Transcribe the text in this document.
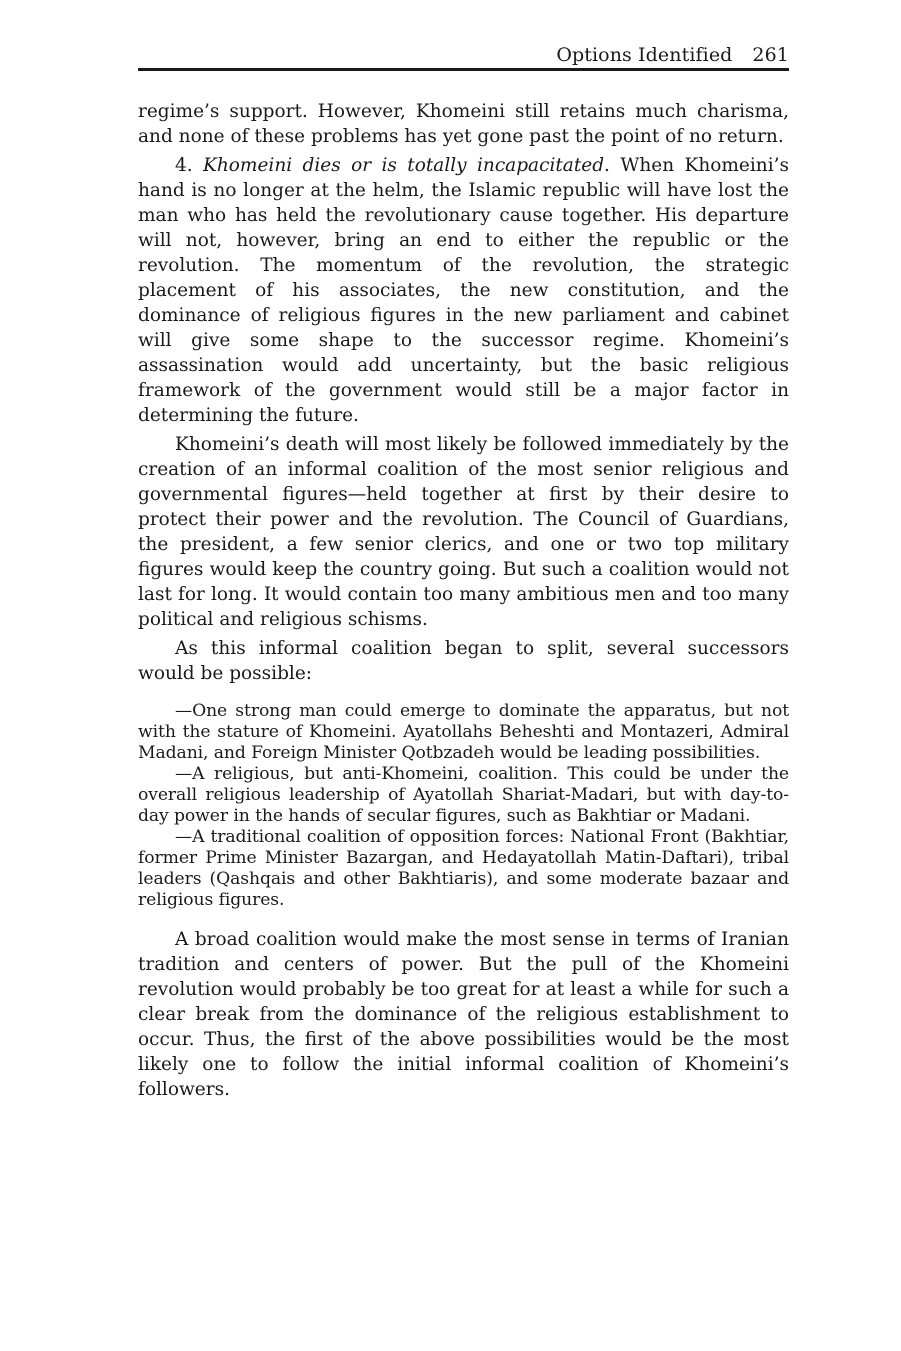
Options Identified 261

regime’s support. However, Khomeini still retains much charisma, and none of these problems has yet gone past the point of no return.

4. Khomeini dies or is totally incapacitated. When Khomeini’s hand is no longer at the helm, the Islamic republic will have lost the man who has held the revolutionary cause together. His departure will not, however, bring an end to either the republic or the revolution. The momentum of the revolution, the strategic placement of his associates, the new constitution, and the dominance of religious figures in the new parliament and cabinet will give some shape to the successor regime. Khomeini’s assassination would add uncertainty, but the basic religious framework of the government would still be a major factor in determining the future.

Khomeini’s death will most likely be followed immediately by the creation of an informal coalition of the most senior religious and governmental figures—held together at first by their desire to protect their power and the revolution. The Council of Guardians, the president, a few senior clerics, and one or two top military figures would keep the country going. But such a coalition would not last for long. It would contain too many ambitious men and too many political and religious schisms.

As this informal coalition began to split, several successors would be possible:

—One strong man could emerge to dominate the apparatus, but not with the stature of Khomeini. Ayatollahs Beheshti and Montazeri, Admiral Madani, and Foreign Minister Qotbzadeh would be leading possibilities.

—A religious, but anti-Khomeini, coalition. This could be under the overall religious leadership of Ayatollah Shariat-Madari, but with day-to-day power in the hands of secular figures, such as Bakhtiar or Madani.

—A traditional coalition of opposition forces: National Front (Bakhtiar, former Prime Minister Bazargan, and Hedayatollah Matin-Daftari), tribal leaders (Qashqais and other Bakhtiaris), and some moderate bazaar and religious figures.

A broad coalition would make the most sense in terms of Iranian tradition and centers of power. But the pull of the Khomeini revolution would probably be too great for at least a while for such a clear break from the dominance of the religious establishment to occur. Thus, the first of the above possibilities would be the most likely one to follow the initial informal coalition of Khomeini’s followers.
